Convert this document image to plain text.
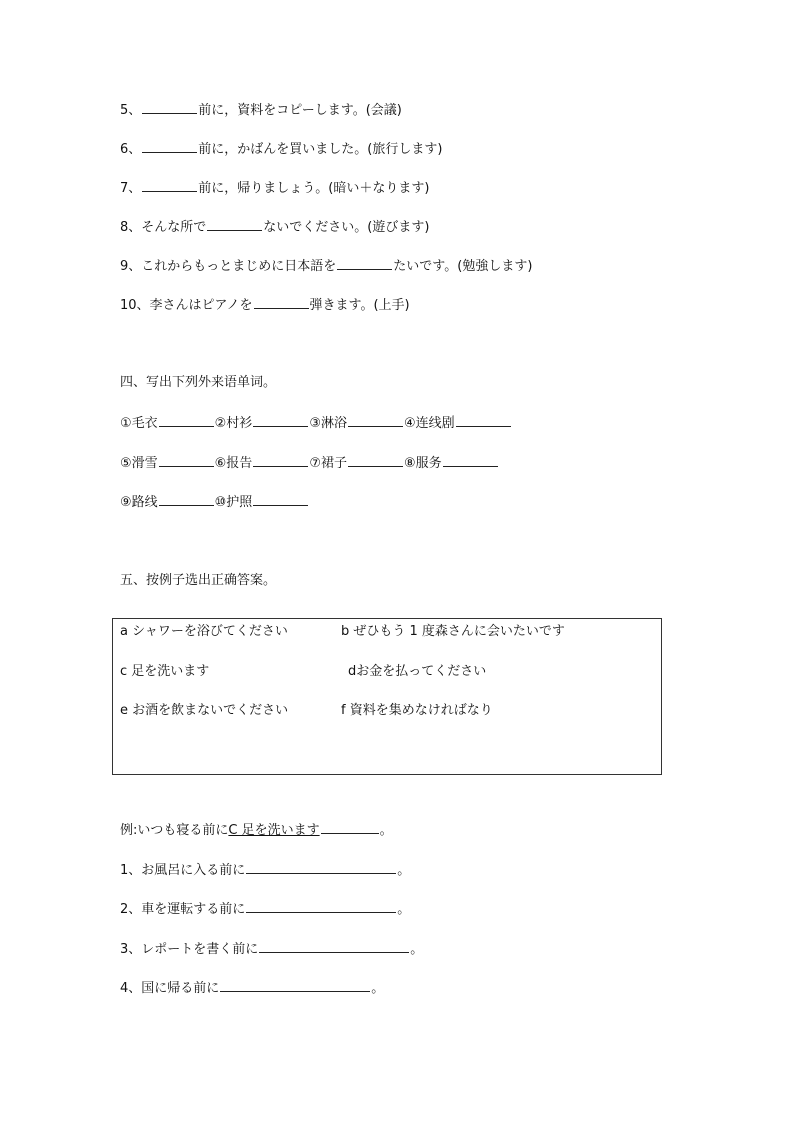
5、	前に，資料をコピーします。(会議)
6、	前に，かばんを買いました。(旅行します)
7、	前に，帰りましょう。(暗い＋なります)
8、そんな所で	ないでください。(遊びます)
9、これからもっとまじめに日本語を	たいです。(勉強します)
10、李さんはピアノを	弾きます。(上手)
四、写出下列外来语单词。
①毛衣	②村衫	③淋浴	④连线剧
⑤滑雪	⑥报告	⑦裙子	⑧服务
⑨路线	⑩护照
五、按例子选出正确答案。
a シャワーを浴びてください	b ぜひもう 1 度森さんに会いたいです
c 足を洗います	dお金を払ってください
e お酒を飲まないでください	f 資料を集めなければなり
例:いつも寝る前にC 足を洗います	。
1、お風呂に入る前に	。
2、車を運転する前に	。
3、レポートを書く前に	。
4、国に帰る前に	。
